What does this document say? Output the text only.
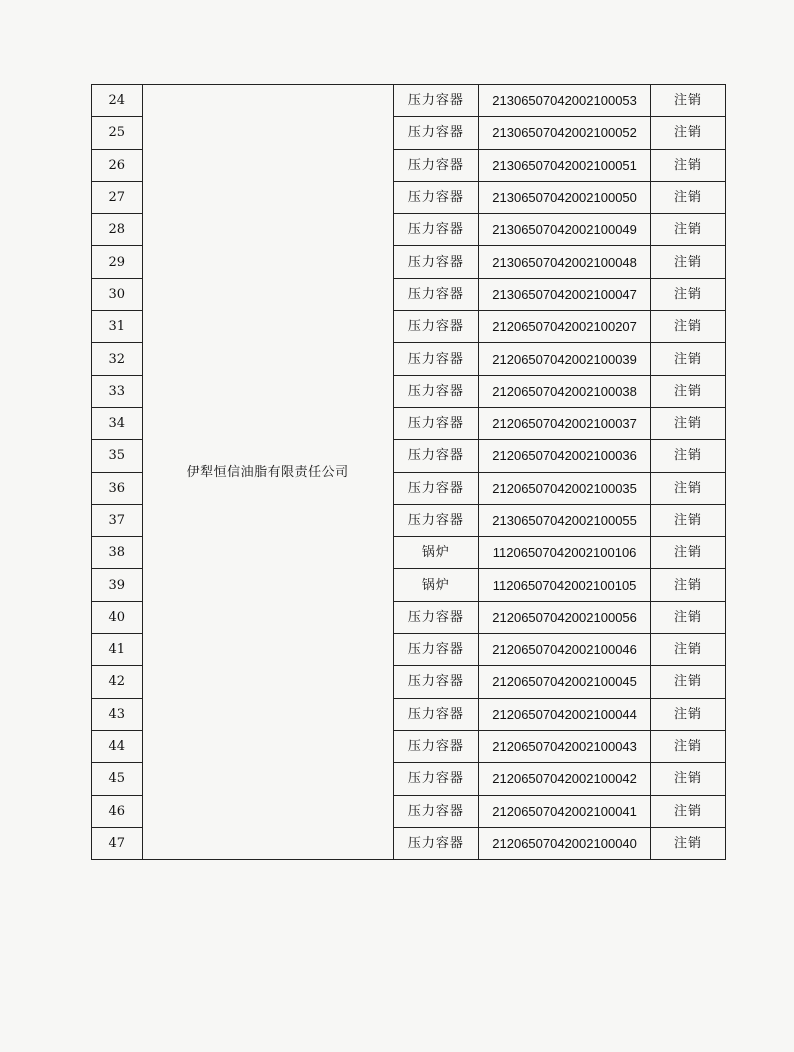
24	伊犁恒信油脂有限责任公司	压力容器	21306507042002100053	注销
25		压力容器	21306507042002100052	注销
26		压力容器	21306507042002100051	注销
27		压力容器	21306507042002100050	注销
28		压力容器	21306507042002100049	注销
29		压力容器	21306507042002100048	注销
30		压力容器	21306507042002100047	注销
31		压力容器	21206507042002100207	注销
32		压力容器	21206507042002100039	注销
33		压力容器	21206507042002100038	注销
34		压力容器	21206507042002100037	注销
35		压力容器	21206507042002100036	注销
36		压力容器	21206507042002100035	注销
37		压力容器	21306507042002100055	注销
38		锅炉	11206507042002100106	注销
39		锅炉	11206507042002100105	注销
40		压力容器	21206507042002100056	注销
41		压力容器	21206507042002100046	注销
42		压力容器	21206507042002100045	注销
43		压力容器	21206507042002100044	注销
44		压力容器	21206507042002100043	注销
45		压力容器	21206507042002100042	注销
46		压力容器	21206507042002100041	注销
47		压力容器	21206507042002100040	注销
